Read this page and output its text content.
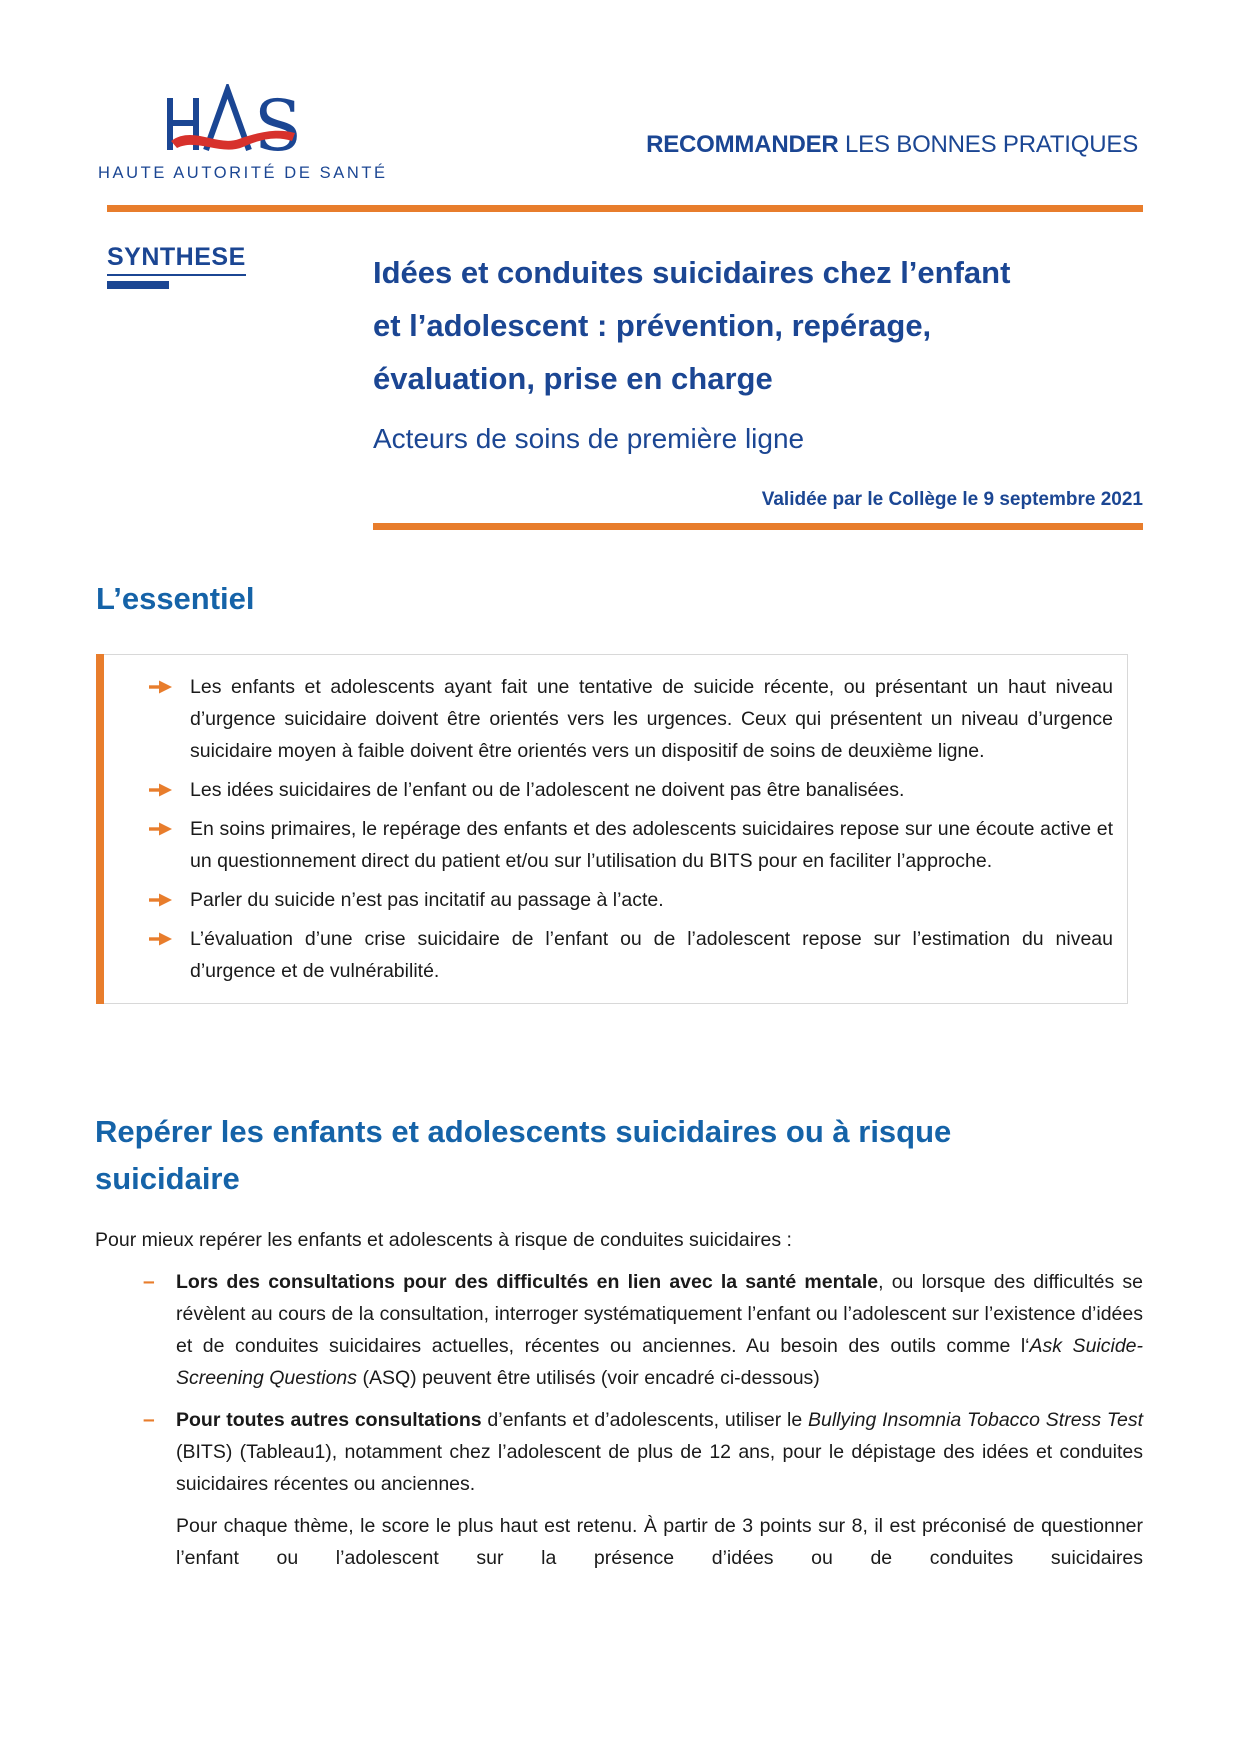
S
HAUTE AUTORITÉ DE SANTÉ
RECOMMANDER LES BONNES PRATIQUES
SYNTHESE	Idées et conduites suicidaires chez l’enfant
et l’adolescent : prévention, repérage,
évaluation, prise en charge
Acteurs de soins de première ligne
Validée par le Collège le 9 septembre 2021
L’essentiel

Les enfants et adolescents ayant fait une tentative de suicide récente, ou présentant un haut niveau d’urgence suicidaire doivent être orientés vers les urgences. Ceux qui présentent un niveau d’urgence suicidaire moyen à faible doivent être orientés vers un dispositif de soins de deuxième ligne.

Les idées suicidaires de l’enfant ou de l’adolescent ne doivent pas être banalisées.

En soins primaires, le repérage des enfants et des adolescents suicidaires repose sur une écoute active et un questionnement direct du patient et/ou sur l’utilisation du BITS pour en faciliter l’approche.

Parler du suicide n’est pas incitatif au passage à l’acte.

L’évaluation d’une crise suicidaire de l’enfant ou de l’adolescent repose sur l’estimation du niveau d’urgence et de vulnérabilité.

Repérer les enfants et adolescents suicidaires ou à risque
suicidaire

Pour mieux repérer les enfants et adolescents à risque de conduites suicidaires :

– Lors des consultations pour des difficultés en lien avec la santé mentale, ou lorsque des difficultés se révèlent au cours de la consultation, interroger systématiquement l’enfant ou l’adolescent sur l’existence d’idées et de conduites suicidaires actuelles, récentes ou anciennes. Au besoin des outils comme l‘Ask Suicide-Screening Questions (ASQ) peuvent être utilisés (voir encadré ci-dessous)

– Pour toutes autres consultations d’enfants et d’adolescents, utiliser le Bullying Insomnia Tobacco Stress Test (BITS) (Tableau1), notamment chez l’adolescent de plus de 12 ans, pour le dépistage des idées et conduites suicidaires récentes ou anciennes.

Pour chaque thème, le score le plus haut est retenu. À partir de 3 points sur 8, il est préconisé de questionner l’enfant ou l’adolescent sur la présence d’idées ou de conduites suicidaires
